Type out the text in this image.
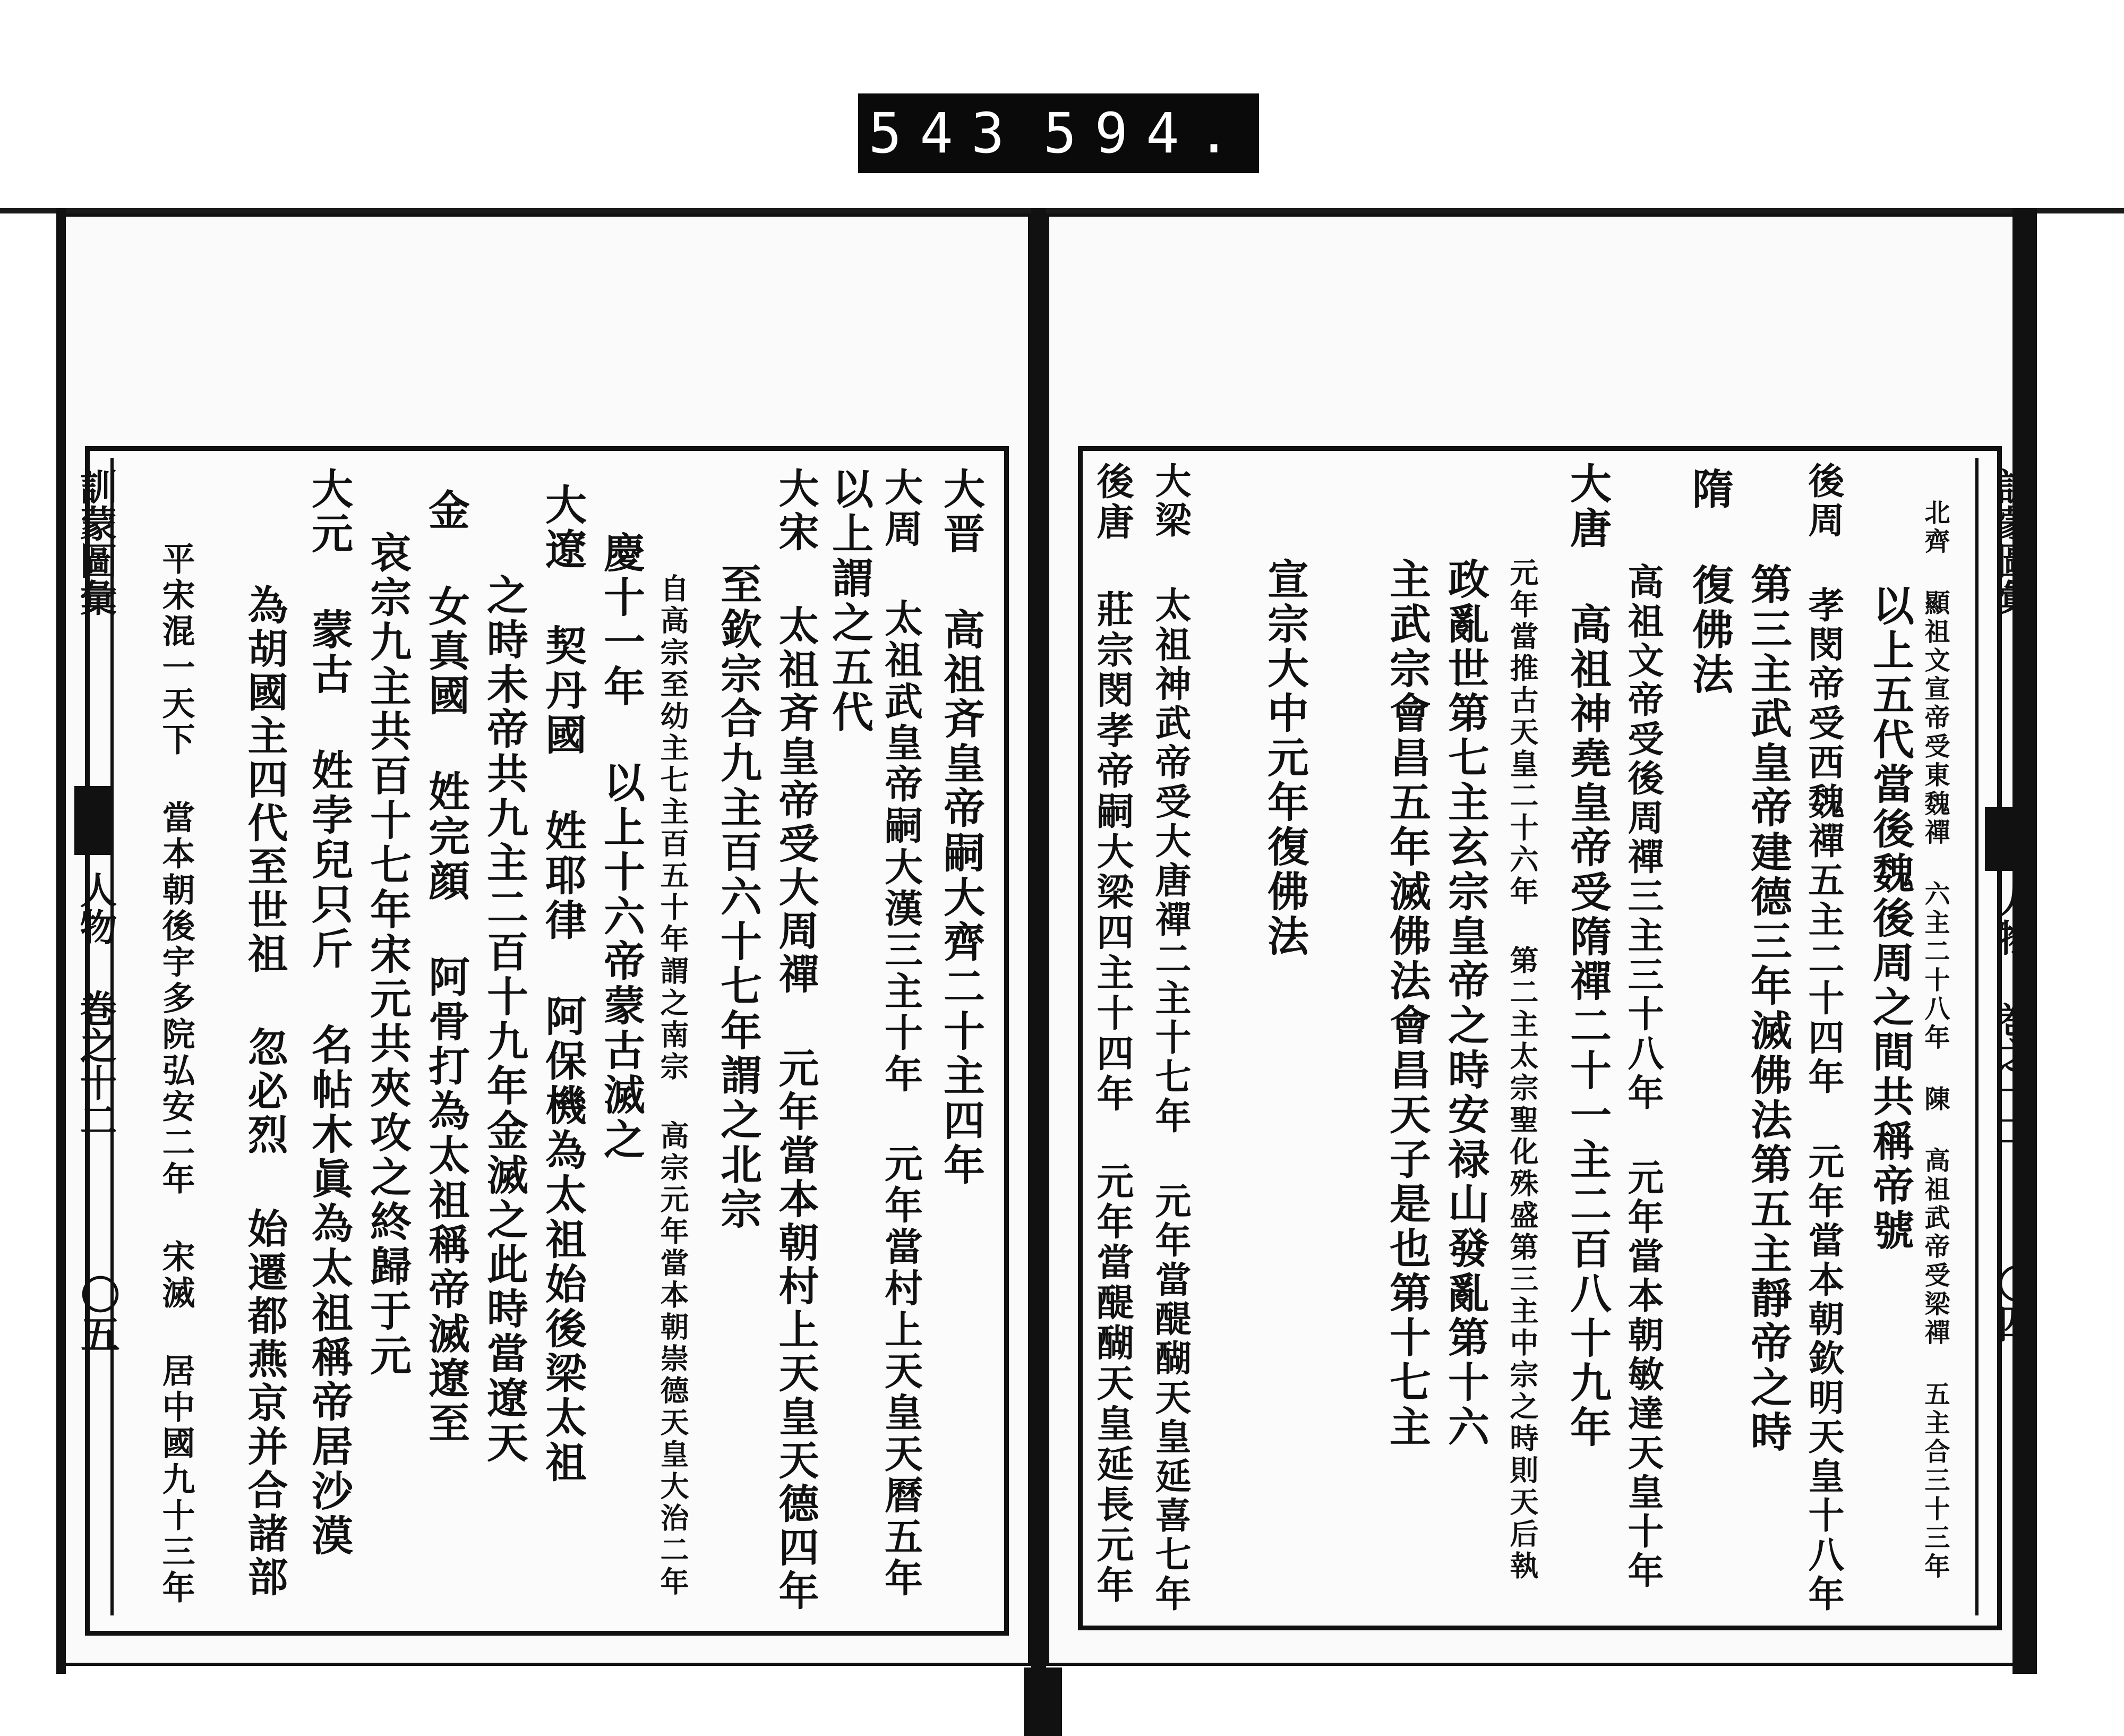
543 594.
訓蒙圖彙
人物 巻之十二
〇五
大晋 高祖斉皇帝嗣大齊二十主四年
大周 太祖武皇帝嗣大漢三主十年 元年當村上天皇天曆五年
以上謂之五代
大宋 太祖斉皇帝受大周禪 元年當本朝村上天皇天德四年
至欽宗合九主百六十七年謂之北宗
自高宗至幼主七主百五十年謂之南宗 高宗元年當本朝崇德天皇大治二年
慶十一年 以上十六帝蒙古滅之
大遼 契丹國 姓耶律 阿保機為太祖始後梁太祖
之時未帝共九主二百十九年金滅之此時當遼天
金 女真國 姓完顔 阿骨打為太祖稱帝滅遼至
哀宗九主共百十七年宋元共夾攻之終歸于元
大元 蒙古 姓孛兒只斤 名帖木眞為太祖稱帝居沙漠
為胡國主四代至世祖 忽必烈 始遷都燕京并合諸部
平宋混一天下 當本朝後宇多院弘安二年 宋滅 居中國九十三年	訓蒙圖彙
人物 巻之十二
〇四
北齊 顯祖文宣帝受東魏禪 六主二十八年 陳 高祖武帝受梁禪 五主合三十三年
以上五代當後魏後周之間共稱帝號
後周 孝閔帝受西魏禪五主二十四年 元年當本朝欽明天皇十八年
第三主武皇帝建德三年滅佛法第五主靜帝之時
隋 復佛法
高祖文帝受後周禪三主三十八年 元年當本朝敏達天皇十年
大唐 高祖神堯皇帝受隋禪二十一主二百八十九年
元年當推古天皇二十六年 第二主太宗聖化殊盛第三主中宗之時則天后執
政亂世第七主玄宗皇帝之時安禄山發亂第十六
主武宗會昌五年滅佛法會昌天子是也第十七主
宣宗大中元年復佛法
大梁 太祖神武帝受大唐禪二主十七年 元年當醍醐天皇延喜七年
後唐 莊宗閔孝帝嗣大梁四主十四年 元年當醍醐天皇延長元年
